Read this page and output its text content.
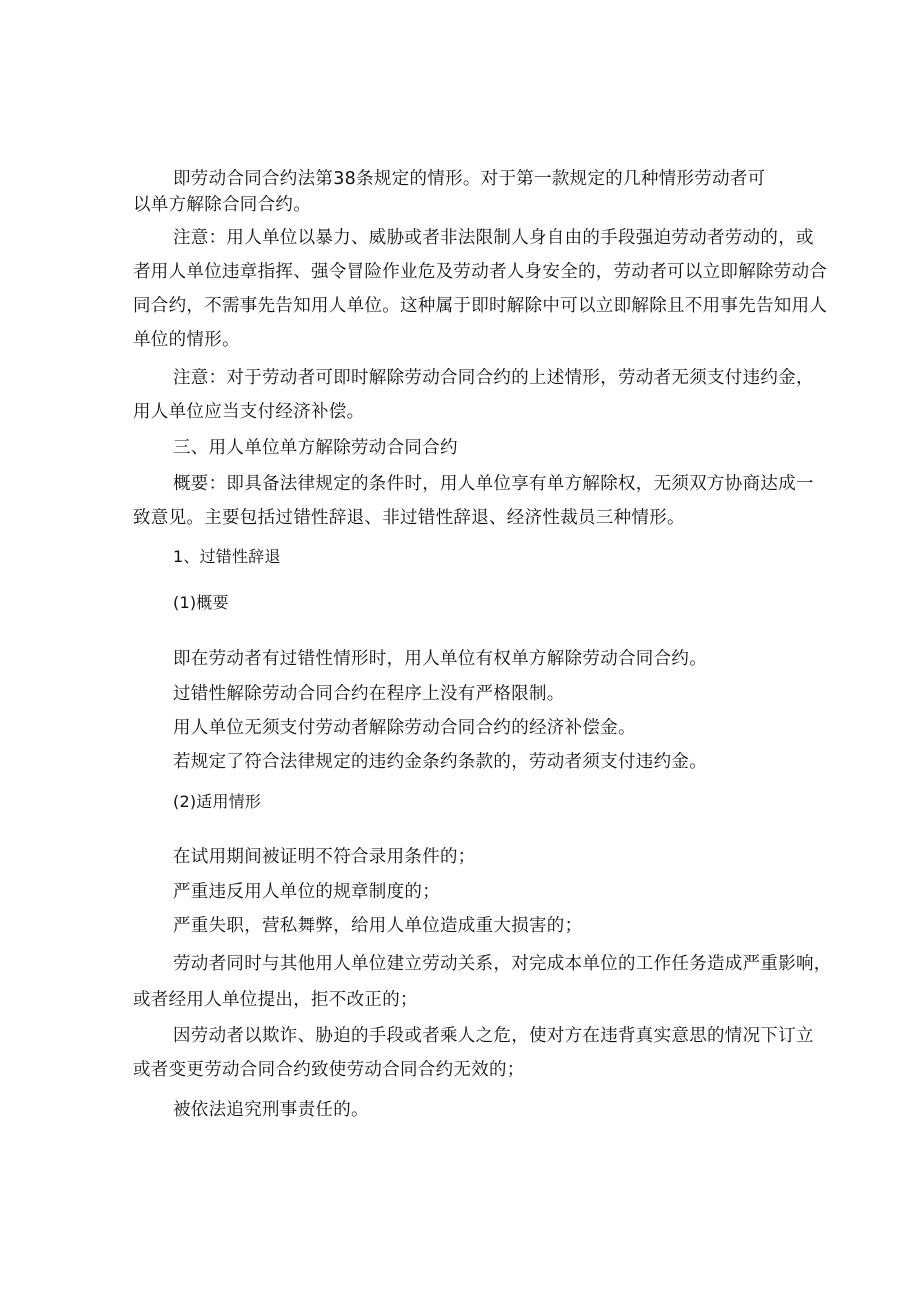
即劳动合同合约法第38条规定的情形。对于第一款规定的几种情形劳动者可
以单方解除合同合约。
注意：用人单位以暴力、威胁或者非法限制人身自由的手段强迫劳动者劳动的，或
者用人单位违章指挥、强令冒险作业危及劳动者人身安全的，劳动者可以立即解除劳动合
同合约，不需事先告知用人单位。这种属于即时解除中可以立即解除且不用事先告知用人
单位的情形。
注意：对于劳动者可即时解除劳动合同合约的上述情形，劳动者无须支付违约金，
用人单位应当支付经济补偿。
三、用人单位单方解除劳动合同合约
概要：即具备法律规定的条件时，用人单位享有单方解除权，无须双方协商达成一
致意见。主要包括过错性辞退、非过错性辞退、经济性裁员三种情形。
1、过错性辞退
(1)概要
即在劳动者有过错性情形时，用人单位有权单方解除劳动合同合约。
过错性解除劳动合同合约在程序上没有严格限制。
用人单位无须支付劳动者解除劳动合同合约的经济补偿金。
若规定了符合法律规定的违约金条约条款的，劳动者须支付违约金。
(2)适用情形
在试用期间被证明不符合录用条件的；
严重违反用人单位的规章制度的；
严重失职，营私舞弊，给用人单位造成重大损害的；
劳动者同时与其他用人单位建立劳动关系，对完成本单位的工作任务造成严重影响，
或者经用人单位提出，拒不改正的；
因劳动者以欺诈、胁迫的手段或者乘人之危，使对方在违背真实意思的情况下订立
或者变更劳动合同合约致使劳动合同合约无效的；
被依法追究刑事责任的。
